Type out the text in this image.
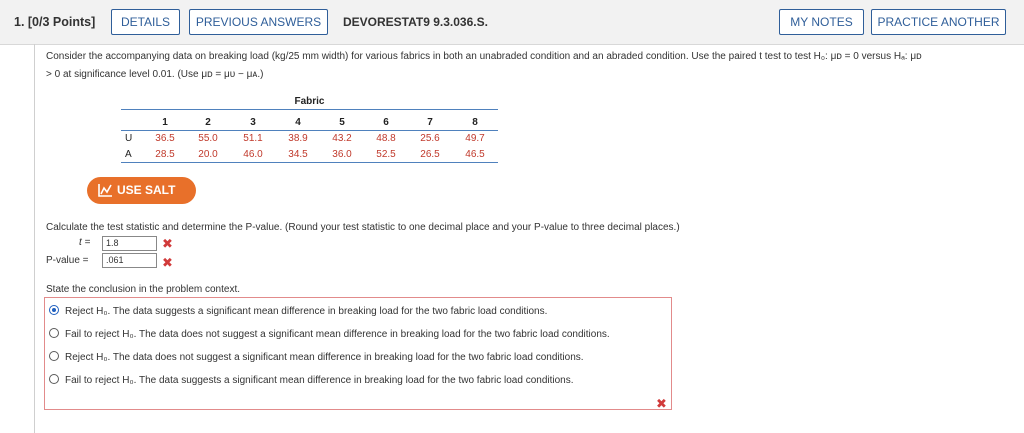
1. [0/3 Points]	DETAILS	PREVIOUS ANSWERS	DEVORESTAT9 9.3.036.S.	MY NOTES	PRACTICE ANOTHER
Consider the accompanying data on breaking load (kg/25 mm width) for various fabrics in both an unabraded condition and an abraded condition. Use the paired t test to test H₀: μᴅ = 0 versus Hₐ: μᴅ
> 0 at significance level 0.01. (Use μᴅ = μᴜ − μᴀ.)
Fabric
1	2	3	4	5	6	7	8
U	36.5	55.0	51.1	38.9	43.2	48.8	25.6	49.7
A	28.5	20.0	46.0	34.5	36.0	52.5	26.5	46.5
USE SALT
Calculate the test statistic and determine the P-value. (Round your test statistic to one decimal place and your P-value to three decimal places.)
t =	1.8	✖
P-value =	.061	✖
State the conclusion in the problem context.
Reject H₀. The data suggests a significant mean difference in breaking load for the two fabric load conditions.
Fail to reject H₀. The data does not suggest a significant mean difference in breaking load for the two fabric load conditions.
Reject H₀. The data does not suggest a significant mean difference in breaking load for the two fabric load conditions.
Fail to reject H₀. The data suggests a significant mean difference in breaking load for the two fabric load conditions.
✖
